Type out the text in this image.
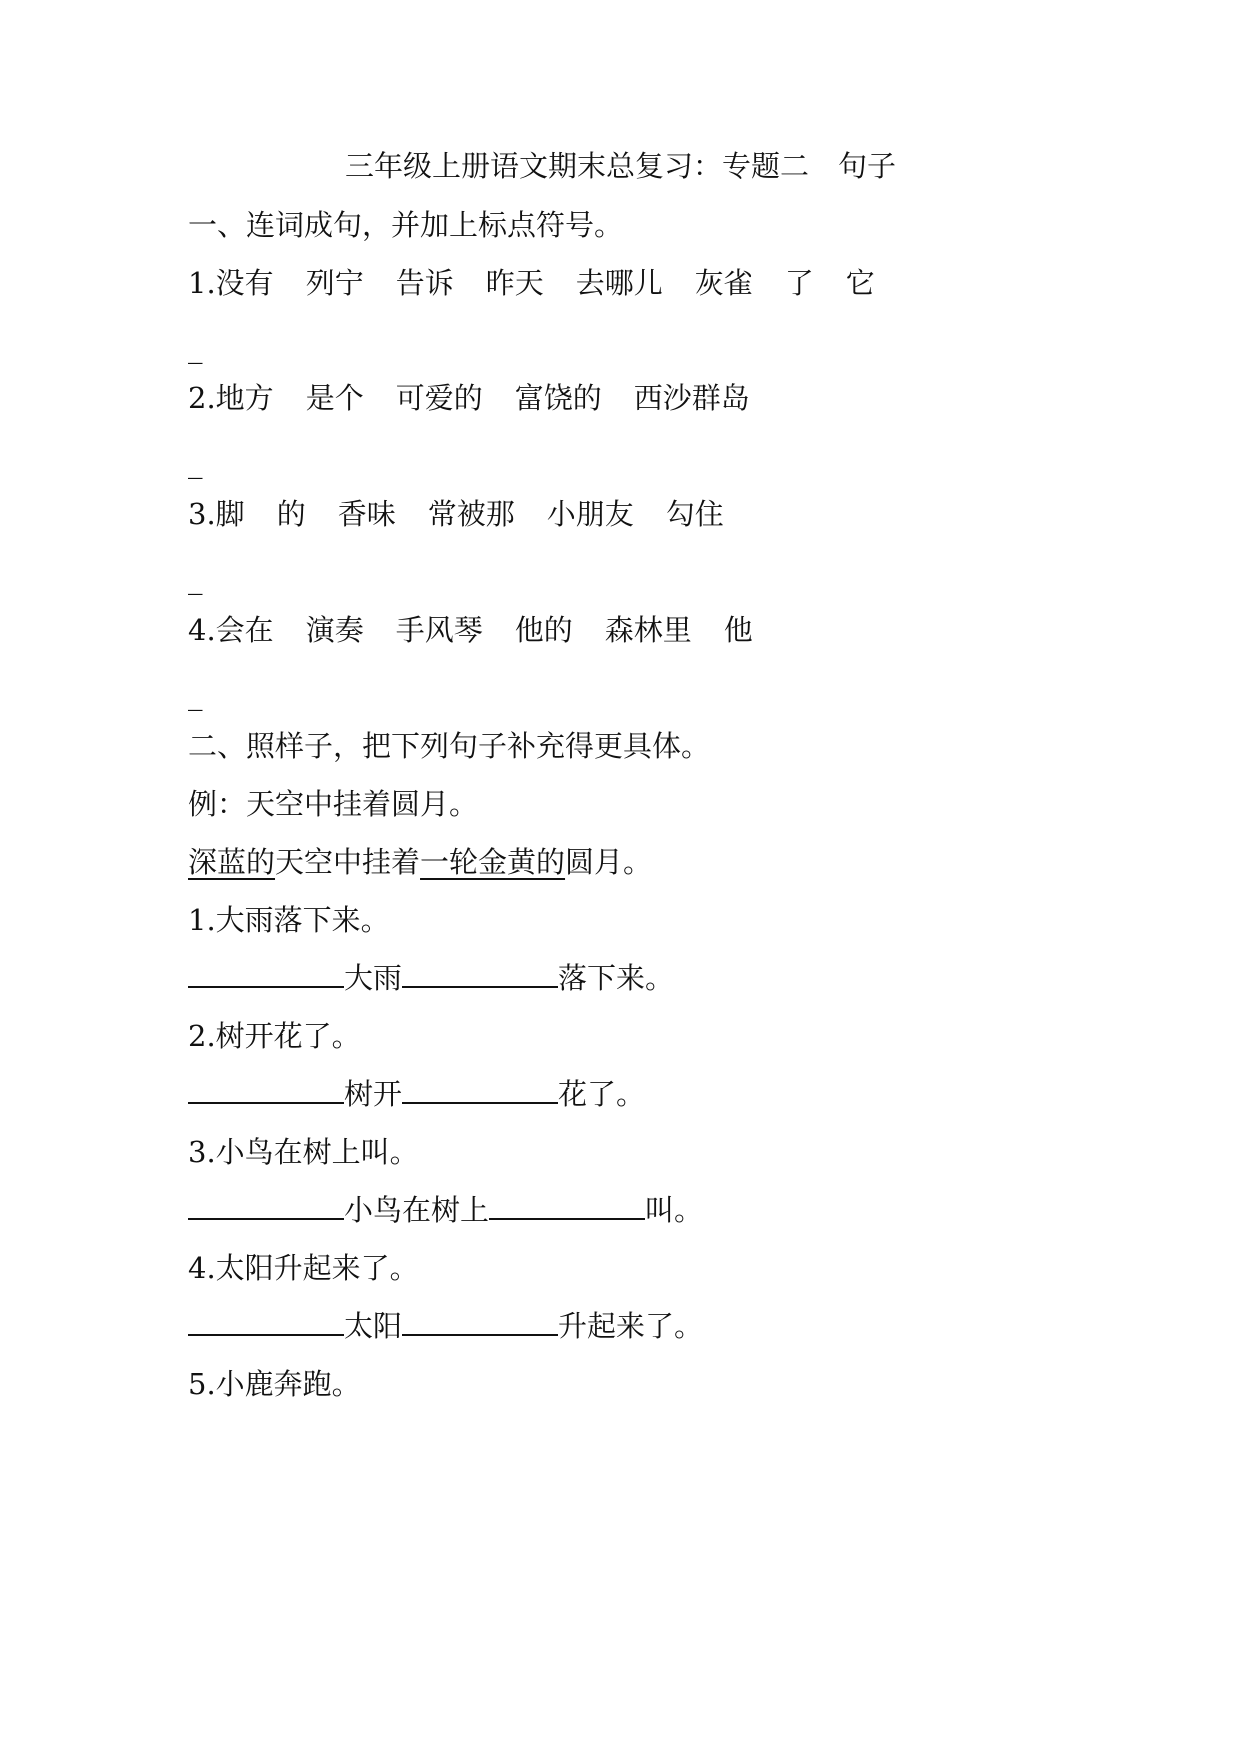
三年级上册语文期末总复习：专题二　句子
一、连词成句，并加上标点符号。
1.没有 列宁 告诉 昨天 去哪儿 灰雀 了 它
_
2.地方 是个 可爱的 富饶的 西沙群岛
_
3.脚 的 香味 常被那 小朋友 勾住
_
4.会在 演奏 手风琴 他的 森林里 他
_
二、照样子，把下列句子补充得更具体。
例：天空中挂着圆月。
深蓝的天空中挂着一轮金黄的圆月。
1.大雨落下来。
大雨	落下来。
2.树开花了。
树开	花了。
3.小鸟在树上叫。
小鸟在树上	叫。
4.太阳升起来了。
太阳	升起来了。
5.小鹿奔跑。
